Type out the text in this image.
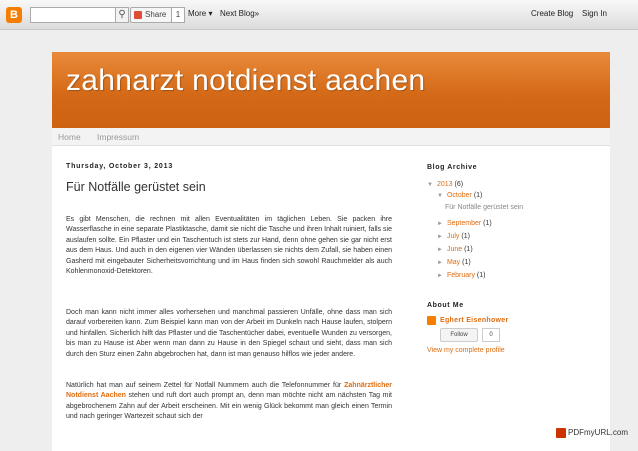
B	⚲	Share	1 More ▾ Next Blog»	Create Blog Sign In
zahnarzt notdienst aachen
Home Impressum
Thursday, October 3, 2013
Für Notfälle gerüstet sein
Es gibt Menschen, die rechnen mit allen Eventualitäten im täglichen Leben. Sie packen ihre Wasserflasche in eine separate Plastiktasche, damit sie nicht die Tasche und ihren Inhalt ruiniert, falls sie auslaufen sollte. Ein Pflaster und ein Taschentuch ist stets zur Hand, denn ohne gehen sie gar nicht erst aus dem Haus. Und auch in den eigenen vier Wänden überlassen sie nichts dem Zufall, sie haben einen Gasherd mit eingebauter Sicherheitsvorrichtung und im Haus finden sich sowohl Rauchmelder als auch Kohlenmonoxid-Detektoren.
Doch man kann nicht immer alles vorhersehen und manchmal passieren Unfälle, ohne dass man sich darauf vorbereiten kann. Zum Beispiel kann man von der Arbeit im Dunkeln nach Hause laufen, stolpern und hinfallen. Sicherlich hilft das Pflaster und die Taschentücher dabei, eventuelle Wunden zu versorgen, bis man zu Hause ist Aber wenn man dann zu Hause in den Spiegel schaut und sieht, dass man sich durch den Sturz einen Zahn abgebrochen hat, dann ist man genauso hilflos wie jeder andere.
Natürlich hat man auf seinem Zettel für Notfall Nummern auch die Telefonnummer für Zahnärztlicher Notdienst Aachen stehen und ruft dort auch prompt an, denn man möchte nicht am nächsten Tag mit abgebrochenem Zahn auf der Arbeit erscheinen. Mit ein wenig Glück bekommt man gleich einen Termin und nach geringer Wartezeit schaut sich der
Blog Archive
▼ 2013 (6)
▼ October (1)
Für Notfälle gerüstet sein
► September (1)
► July (1)
► June (1)
► May (1)
► February (1)
About Me
Eghert Eisenhower
Follow	0
View my complete profile
PDFmyURL.com
